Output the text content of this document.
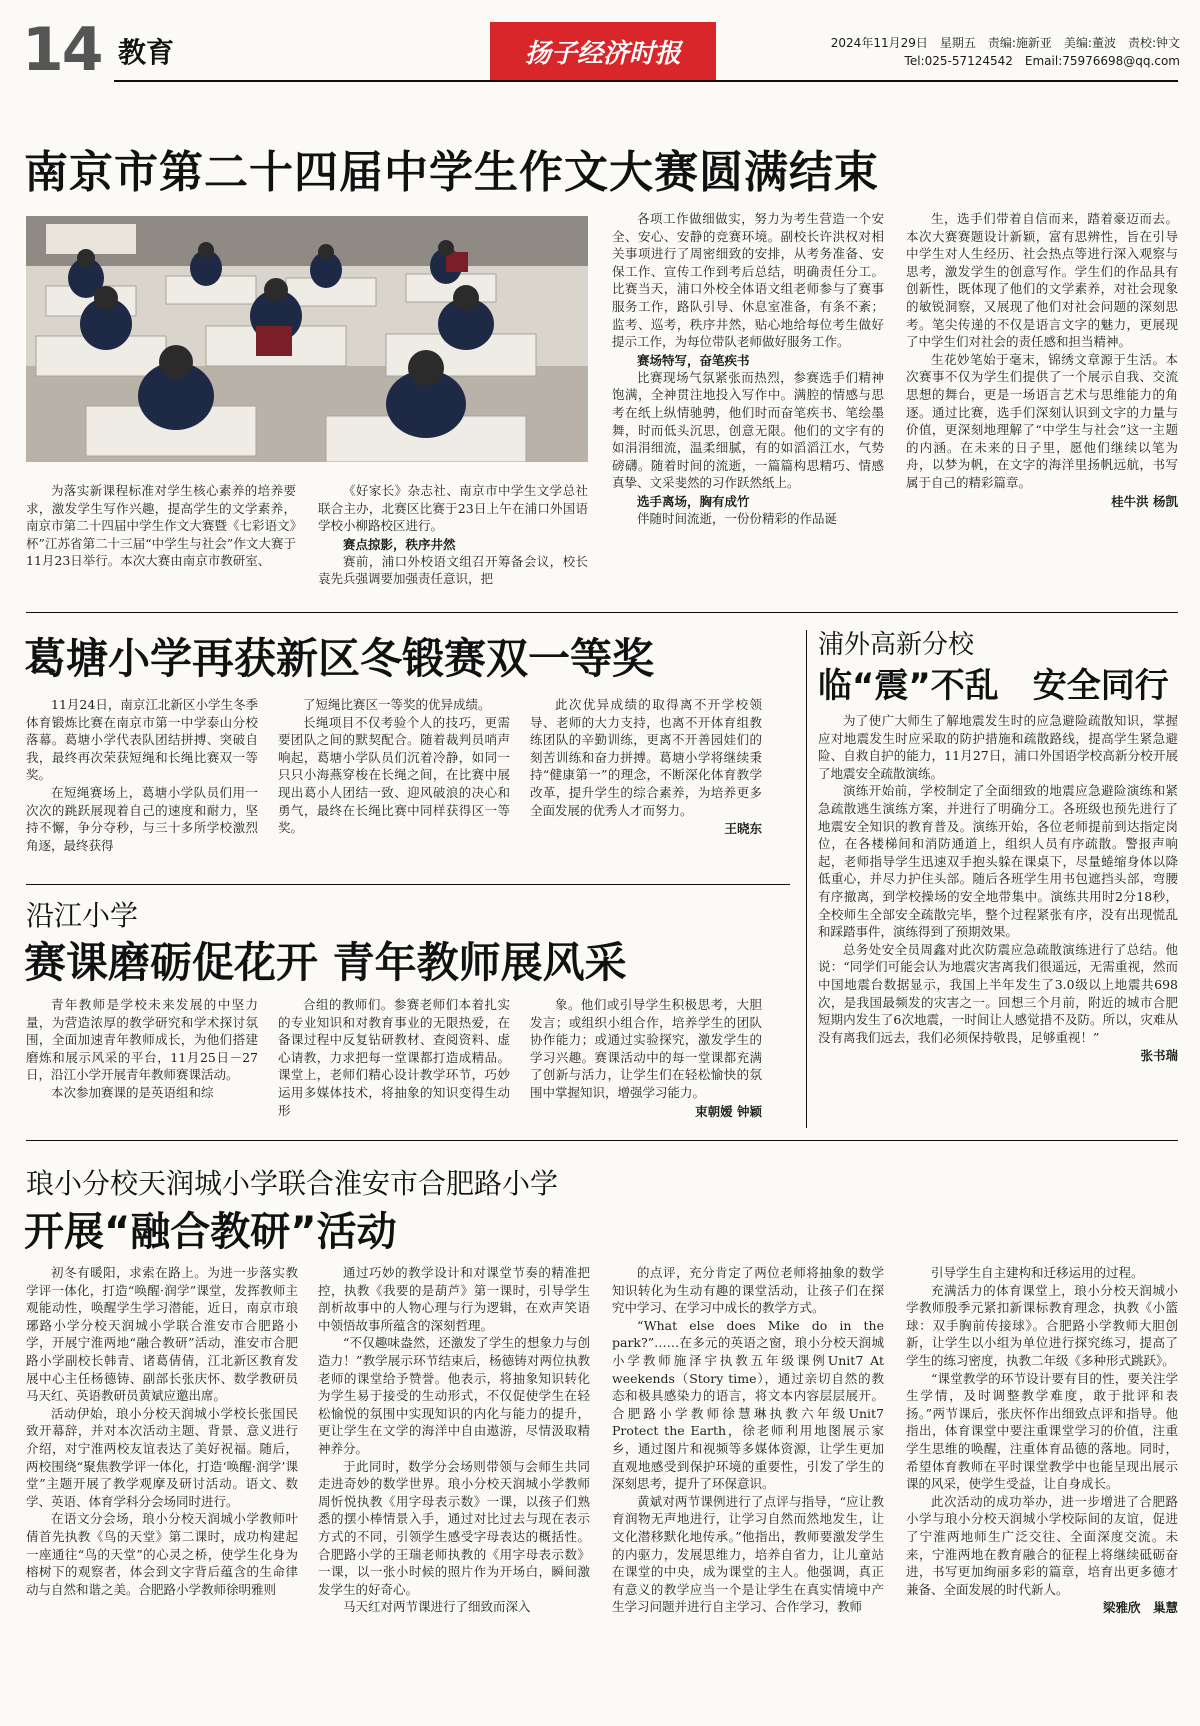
14 教育	扬子经济时报	2024年11月29日　星期五　责编:施新亚　美编:董波　责校:钟文
Tel:025-57124542　Email:75976698@qq.com
南京市第二十四届中学生作文大赛圆满结束
为落实新课程标准对学生核心素养的培养要求，激发学生写作兴趣，提高学生的文学素养，南京市第二十四届中学生作文大赛暨《七彩语文》杯”江苏省第二十三届“中学生与社会”作文大赛于11月23日举行。本次大赛由南京市教研室、
《好家长》杂志社、南京市中学生文学总社联合主办，北赛区比赛于23日上午在浦口外国语学校小柳路校区进行。
赛点掠影，秩序井然
赛前，浦口外校语文组召开筹备会议，校长袁先兵强调要加强责任意识，把
各项工作做细做实，努力为考生营造一个安全、安心、安静的竞赛环境。副校长许洪权对相关事项进行了周密细致的安排，从考务准备、安保工作、宣传工作到考后总结，明确责任分工。比赛当天，浦口外校全体语文组老师参与了赛事服务工作，路队引导、休息室准备，有条不紊；监考、巡考，秩序井然，贴心地给每位考生做好提示工作，为每位带队老师做好服务工作。
赛场特写，奋笔疾书
比赛现场气氛紧张而热烈，参赛选手们精神饱满，全神贯注地投入写作中。满腔的情感与思考在纸上纵情驰骋，他们时而奋笔疾书、笔绘墨舞，时而低头沉思，创意无限。他们的文字有的如涓涓细流，温柔细腻，有的如滔滔江水，气势磅礴。随着时间的流逝，一篇篇构思精巧、情感真挚、文采斐然的习作跃然纸上。
选手离场，胸有成竹
伴随时间流逝，一份份精彩的作品诞
生，选手们带着自信而来，踏着豪迈而去。本次大赛赛题设计新颖，富有思辨性，旨在引导中学生对人生经历、社会热点等进行深入观察与思考，激发学生的创意写作。学生们的作品具有创新性，既体现了他们的文学素养，对社会现象的敏锐洞察，又展现了他们对社会问题的深刻思考。笔尖传递的不仅是语言文字的魅力，更展现了中学生们对社会的责任感和担当精神。
生花妙笔始于毫末，锦绣文章源于生活。本次赛事不仅为学生们提供了一个展示自我、交流思想的舞台，更是一场语言艺术与思维能力的角逐。通过比赛，选手们深刻认识到文字的力量与价值，更深刻地理解了“中学生与社会”这一主题的内涵。在未来的日子里，愿他们继续以笔为舟，以梦为帆，在文字的海洋里扬帆远航，书写属于自己的精彩篇章。
桂牛洪 杨凯
葛塘小学再获新区冬锻赛双一等奖
11月24日，南京江北新区小学生冬季体育锻炼比赛在南京市第一中学泰山分校落幕。葛塘小学代表队团结拼搏、突破自我，最终再次荣获短绳和长绳比赛双一等奖。
在短绳赛场上，葛塘小学队员们用一次次的跳跃展现着自己的速度和耐力，坚持不懈，争分夺秒，与三十多所学校激烈角逐，最终获得
了短绳比赛区一等奖的优异成绩。
长绳项目不仅考验个人的技巧，更需要团队之间的默契配合。随着裁判员哨声响起，葛塘小学队员们沉着冷静，如同一只只小海燕穿梭在长绳之间，在比赛中展现出葛小人团结一致、迎风破浪的决心和勇气，最终在长绳比赛中同样获得区一等奖。
此次优异成绩的取得离不开学校领导、老师的大力支持，也离不开体育组教练团队的辛勤训练，更离不开善园娃们的刻苦训练和奋力拼搏。葛塘小学将继续秉持“健康第一”的理念，不断深化体育教学改革，提升学生的综合素养，为培养更多全面发展的优秀人才而努力。
王晓东
沿江小学
赛课磨砺促花开 青年教师展风采
青年教师是学校未来发展的中坚力量，为营造浓厚的教学研究和学术探讨氛围，全面加速青年教师成长，为他们搭建磨炼和展示风采的平台，11月25日－27日，沿江小学开展青年教师赛课活动。
本次参加赛课的是英语组和综
合组的教师们。参赛老师们本着扎实的专业知识和对教育事业的无限热爱，在备课过程中反复钻研教材、查阅资料、虚心请教，力求把每一堂课都打造成精品。课堂上，老师们精心设计教学环节，巧妙运用多媒体技术，将抽象的知识变得生动形
象。他们或引导学生积极思考，大胆发言；或组织小组合作，培养学生的团队协作能力；或通过实验探究，激发学生的学习兴趣。赛课活动中的每一堂课都充满了创新与活力，让学生们在轻松愉快的氛围中掌握知识，增强学习能力。
束朝嫒 钟颖
浦外高新分校
临“震”不乱　安全同行
为了使广大师生了解地震发生时的应急避险疏散知识，掌握应对地震发生时应采取的防护措施和疏散路线，提高学生紧急避险、自救自护的能力，11月27日，浦口外国语学校高新分校开展了地震安全疏散演练。
演练开始前，学校制定了全面细致的地震应急避险演练和紧急疏散逃生演练方案，并进行了明确分工。各班级也预先进行了地震安全知识的教育普及。演练开始，各位老师提前到达指定岗位，在各楼梯间和消防通道上，组织人员有序疏散。警报声响起，老师指导学生迅速双手抱头躲在课桌下，尽量蜷缩身体以降低重心，并尽力护住头部。随后各班学生用书包遮挡头部，弯腰有序撤离，到学校操场的安全地带集中。演练共用时2分18秒，全校师生全部安全疏散完毕，整个过程紧张有序，没有出现慌乱和踩踏事件，演练得到了预期效果。
总务处安全员周鑫对此次防震应急疏散演练进行了总结。他说：“同学们可能会认为地震灾害离我们很遥远，无需重视，然而中国地震台数据显示，我国上半年发生了3.0级以上地震共698次，是我国最频发的灾害之一。回想三个月前，附近的城市合肥短期内发生了6次地震，一时间让人感觉措不及防。所以，灾难从没有离我们远去，我们必须保持敬畏，足够重视！”
张书瑞
琅小分校天润城小学联合淮安市合肥路小学
开展“融合教研”活动
初冬有暖阳，求索在路上。为进一步落实教学评一体化，打造“唤醒·润学”课堂，发挥教师主观能动性，唤醒学生学习潜能，近日，南京市琅琊路小学分校天润城小学联合淮安市合肥路小学，开展宁淮两地“融合教研”活动，淮安市合肥路小学副校长韩青、诸葛倩倩，江北新区教育发展中心主任杨德铸、副部长张庆怀、数学教研员马天红、英语教研员黄斌应邀出席。
活动伊始，琅小分校天润城小学校长张国民致开幕辞，并对本次活动主题、背景、意义进行介绍，对宁淮两校友谊表达了美好祝福。随后，两校围绕“聚焦教学评一体化，打造‘唤醒·润学’课堂”主题开展了教学观摩及研讨活动。语文、数学、英语、体育学科分会场同时进行。
在语文分会场，琅小分校天润城小学教师叶倩首先执教《鸟的天堂》第二课时，成功构建起一座通往“鸟的天堂”的心灵之桥，使学生化身为榕树下的观察者，体会到文字背后蕴含的生命律动与自然和谐之美。合肥路小学教师徐明雅则
通过巧妙的教学设计和对课堂节奏的精准把控，执教《我要的是葫芦》第一课时，引导学生剖析故事中的人物心理与行为逻辑，在欢声笑语中领悟故事所蕴含的深刻哲理。
“不仅趣味盎然，还激发了学生的想象力与创造力！”教学展示环节结束后，杨德铸对两位执教老师的课堂给予赞誉。他表示，将抽象知识转化为学生易于接受的生动形式，不仅促使学生在轻松愉悦的氛围中实现知识的内化与能力的提升，更让学生在文学的海洋中自由遨游，尽情汲取精神养分。
于此同时，数学分会场则带领与会师生共同走进奇妙的数学世界。琅小分校天润城小学教师周忻悦执教《用字母表示数》一课，以孩子们熟悉的摆小棒情景入手，通过对比过去与现在表示方式的不同，引领学生感受字母表达的概括性。合肥路小学的王瑞老师执教的《用字母表示数》一课，以一张小时候的照片作为开场白，瞬间激发学生的好奇心。
马天红对两节课进行了细致而深入
的点评，充分肯定了两位老师将抽象的数学知识转化为生动有趣的课堂活动，让孩子们在探究中学习、在学习中成长的教学方式。
“What else does Mike do in the park?”……在多元的英语之窗，琅小分校天润城小学教师施泽宇执教五年级课例Unit7 At weekends（Story time），通过亲切自然的教态和极具感染力的语言，将文本内容层层展开。合肥路小学教师徐慧琳执教六年级Unit7 Protect the Earth，徐老师利用地图展示家乡，通过图片和视频等多媒体资源，让学生更加直观地感受到保护环境的重要性，引发了学生的深刻思考，提升了环保意识。
黄斌对两节课例进行了点评与指导，“应让教育润物无声地进行，让学习自然而然地发生，让文化潜移默化地传承。”他指出，教师要激发学生的内驱力，发展思维力，培养自省力，让儿童站在课堂的中央，成为课堂的主人。他强调，真正有意义的教学应当一个是让学生在真实情境中产生学习问题并进行自主学习、合作学习，教师
引导学生自主建构和迁移运用的过程。
充满活力的体育课堂上，琅小分校天润城小学教师殷季元紧扣新课标教育理念，执教《小篮球：双手胸前传接球》。合肥路小学教师大胆创新，让学生以小组为单位进行探究练习，提高了学生的练习密度，执教二年级《多种形式跳跃》。
“课堂教学的环节设计要有目的性，要关注学生学情，及时调整教学难度，敢于批评和表扬。”两节课后，张庆怀作出细致点评和指导。他指出，体育课堂中要注重课堂学习的价值，注重学生思维的唤醒，注重体育品德的落地。同时，希望体育教师在平时课堂教学中也能呈现出展示课的风采，使学生受益，让自身成长。
此次活动的成功举办，进一步增进了合肥路小学与琅小分校天润城小学校际间的友谊，促进了宁淮两地师生广泛交往、全面深度交流。未来，宁淮两地在教育融合的征程上将继续砥砺奋进，书写更加绚丽多彩的篇章，培育出更多德才兼备、全面发展的时代新人。
梁雅欣　巢慧
